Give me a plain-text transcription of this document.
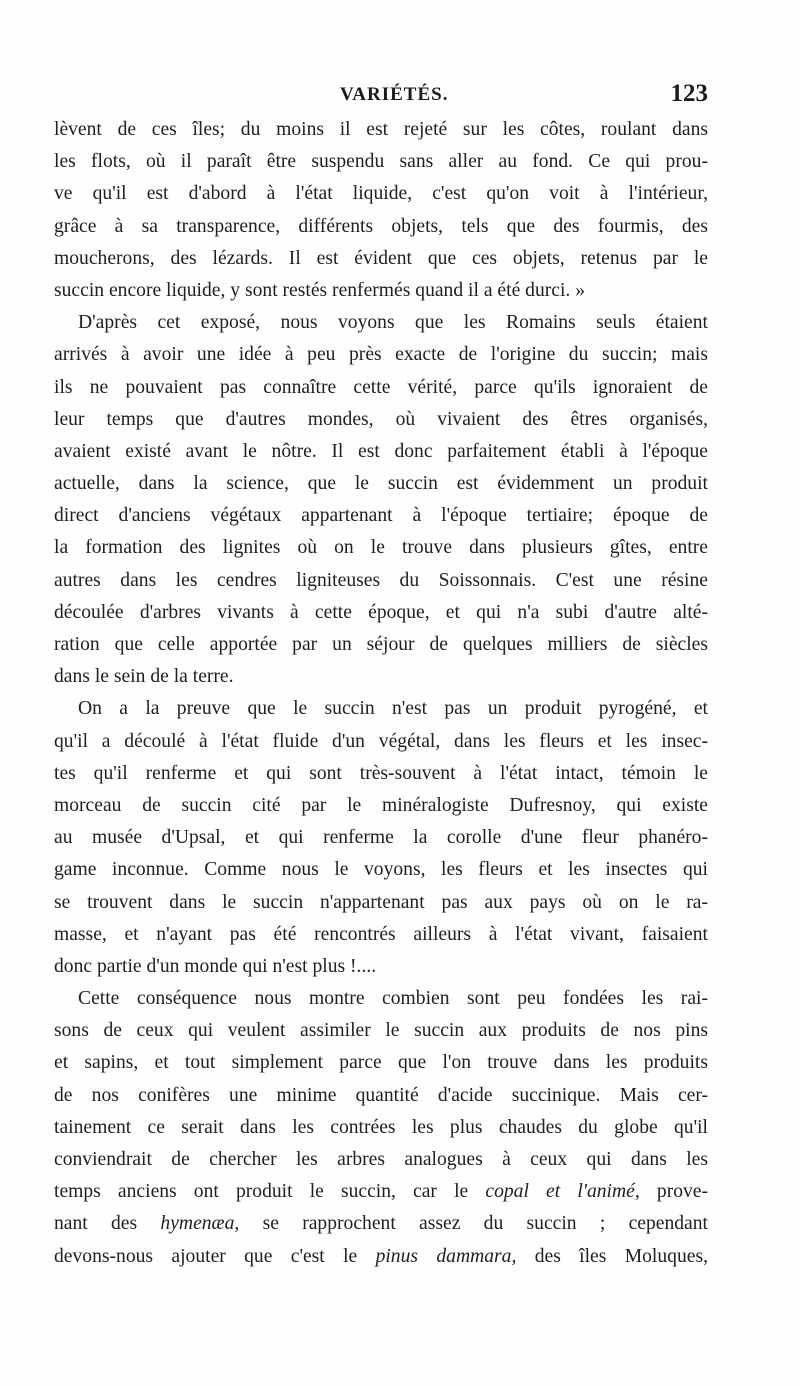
VARIÉTÉS.	123
lèvent de ces îles; du moins il est rejeté sur les côtes, roulant dans
les flots, où il paraît être suspendu sans aller au fond. Ce qui prou-
ve qu'il est d'abord à l'état liquide, c'est qu'on voit à l'intérieur,
grâce à sa transparence, différents objets, tels que des fourmis, des
moucherons, des lézards. Il est évident que ces objets, retenus par le
succin encore liquide, y sont restés renfermés quand il a été durci. »
D'après cet exposé, nous voyons que les Romains seuls étaient
arrivés à avoir une idée à peu près exacte de l'origine du succin; mais
ils ne pouvaient pas connaître cette vérité, parce qu'ils ignoraient de
leur temps que d'autres mondes, où vivaient des êtres organisés,
avaient existé avant le nôtre. Il est donc parfaitement établi à l'époque
actuelle, dans la science, que le succin est évidemment un produit
direct d'anciens végétaux appartenant à l'époque tertiaire; époque de
la formation des lignites où on le trouve dans plusieurs gîtes, entre
autres dans les cendres ligniteuses du Soissonnais. C'est une résine
découlée d'arbres vivants à cette époque, et qui n'a subi d'autre alté-
ration que celle apportée par un séjour de quelques milliers de siècles
dans le sein de la terre.
On a la preuve que le succin n'est pas un produit pyrogéné, et
qu'il a découlé à l'état fluide d'un végétal, dans les fleurs et les insec-
tes qu'il renferme et qui sont très-souvent à l'état intact, témoin le
morceau de succin cité par le minéralogiste Dufresnoy, qui existe
au musée d'Upsal, et qui renferme la corolle d'une fleur phanéro-
game inconnue. Comme nous le voyons, les fleurs et les insectes qui
se trouvent dans le succin n'appartenant pas aux pays où on le ra-
masse, et n'ayant pas été rencontrés ailleurs à l'état vivant, faisaient
donc partie d'un monde qui n'est plus !....
Cette conséquence nous montre combien sont peu fondées les rai-
sons de ceux qui veulent assimiler le succin aux produits de nos pins
et sapins, et tout simplement parce que l'on trouve dans les produits
de nos conifères une minime quantité d'acide succinique. Mais cer-
tainement ce serait dans les contrées les plus chaudes du globe qu'il
conviendrait de chercher les arbres analogues à ceux qui dans les
temps anciens ont produit le succin, car le copal et l'animé, prove-
nant des hymenæa, se rapprochent assez du succin ; cependant
devons-nous ajouter que c'est le pinus dammara, des îles Moluques,
